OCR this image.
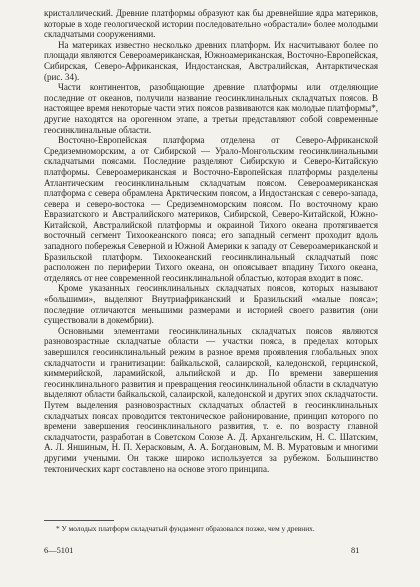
кристаллический. Древние платформы образуют как бы древнейшие ядра материков, которые в ходе геологической истории последовательно «обрастали» более молодыми складчатыми сооружениями.

На материках известно несколько древних платформ. Их насчитывают более по площади являются Североамериканская, Южноамериканская, Восточно-Европейская, Сибирская, Северо-Африканская, Индостанская, Австралийская, Антарктическая (рис. 34).

Части континентов, разобщающие древние платформы или отделяющие последние от океанов, получили название геосинклинальных складчатых поясов. В настоящее время некоторые части этих поясов развиваются как молодые платформы*, другие находятся на орогенном этапе, а третьи представляют собой современные геосинклинальные области.

Восточно-Европейская платформа отделена от Северо-Африканской Средиземноморским, а от Сибирской — Урало-Монгольским геосинклинальными складчатыми поясами. Последние разделяют Сибирскую и Северо-Китайскую платформы. Североамериканская и Восточно-Европейская платформы разделены Атлантическим геосинклинальным складчатым поясом. Североамериканская платформа с севера обрамлена Арктическим поясом, а Индостанская с северо-запада, севера и северо-востока — Средиземноморским поясом. По восточному краю Евразиатского и Австралийского материков, Сибирской, Северо-Китайской, Южно-Китайской, Австралийской платформы и окраиной Тихого океана протягивается восточный сегмент Тихоокеанского пояса; его западный сегмент проходит вдоль западного побережья Северной и Южной Америки к западу от Североамериканской и Бразильской платформ. Тихоокеанский геосинклинальный складчатый пояс расположен по периферии Тихого океана, он опоясывает впадину Тихого океана, отделяясь от нее современной геосинклинальной областью, которая входит в пояс.

Кроме указанных геосинклинальных складчатых поясов, которых называют «большими», выделяют Внутриафриканский и Бразильский «малые пояса»; последние отличаются меньшими размерами и историей своего развития (они существовали в докембрии).

Основными элементами геосинклинальных складчатых поясов являются разновозрастные складчатые области — участки пояса, в пределах которых завершился геосинклинальный режим в разное время проявления глобальных эпох складчатости и гранитизации: байкальской, салаирской, каледонской, герцинской, киммерийской, ларамийской, альпийской и др. По времени завершения геосинклинального развития и превращения геосинклинальной области в складчатую выделяют области байкальской, салаирской, каледонской и других эпох складчатости. Путем выделения разновозрастных складчатых областей в геосинклинальных складчатых поясах проводится тектоническое районирование, принцип которого по времени завершения геосинклинального развития, т. е. по возрасту главной складчатости, разработан в Советском Союзе А. Д. Архангельским, Н. С. Шатским, А. Л. Яншиным, Н. П. Херасковым, А. А. Богдановым, М. В. Муратовым и многими другими учеными. Он также широко используется за рубежом. Большинство тектонических карт составлено на основе этого принципа.

* У молодых платформ складчатый фундамент образовался позже, чем у древних.
6—5101	81
